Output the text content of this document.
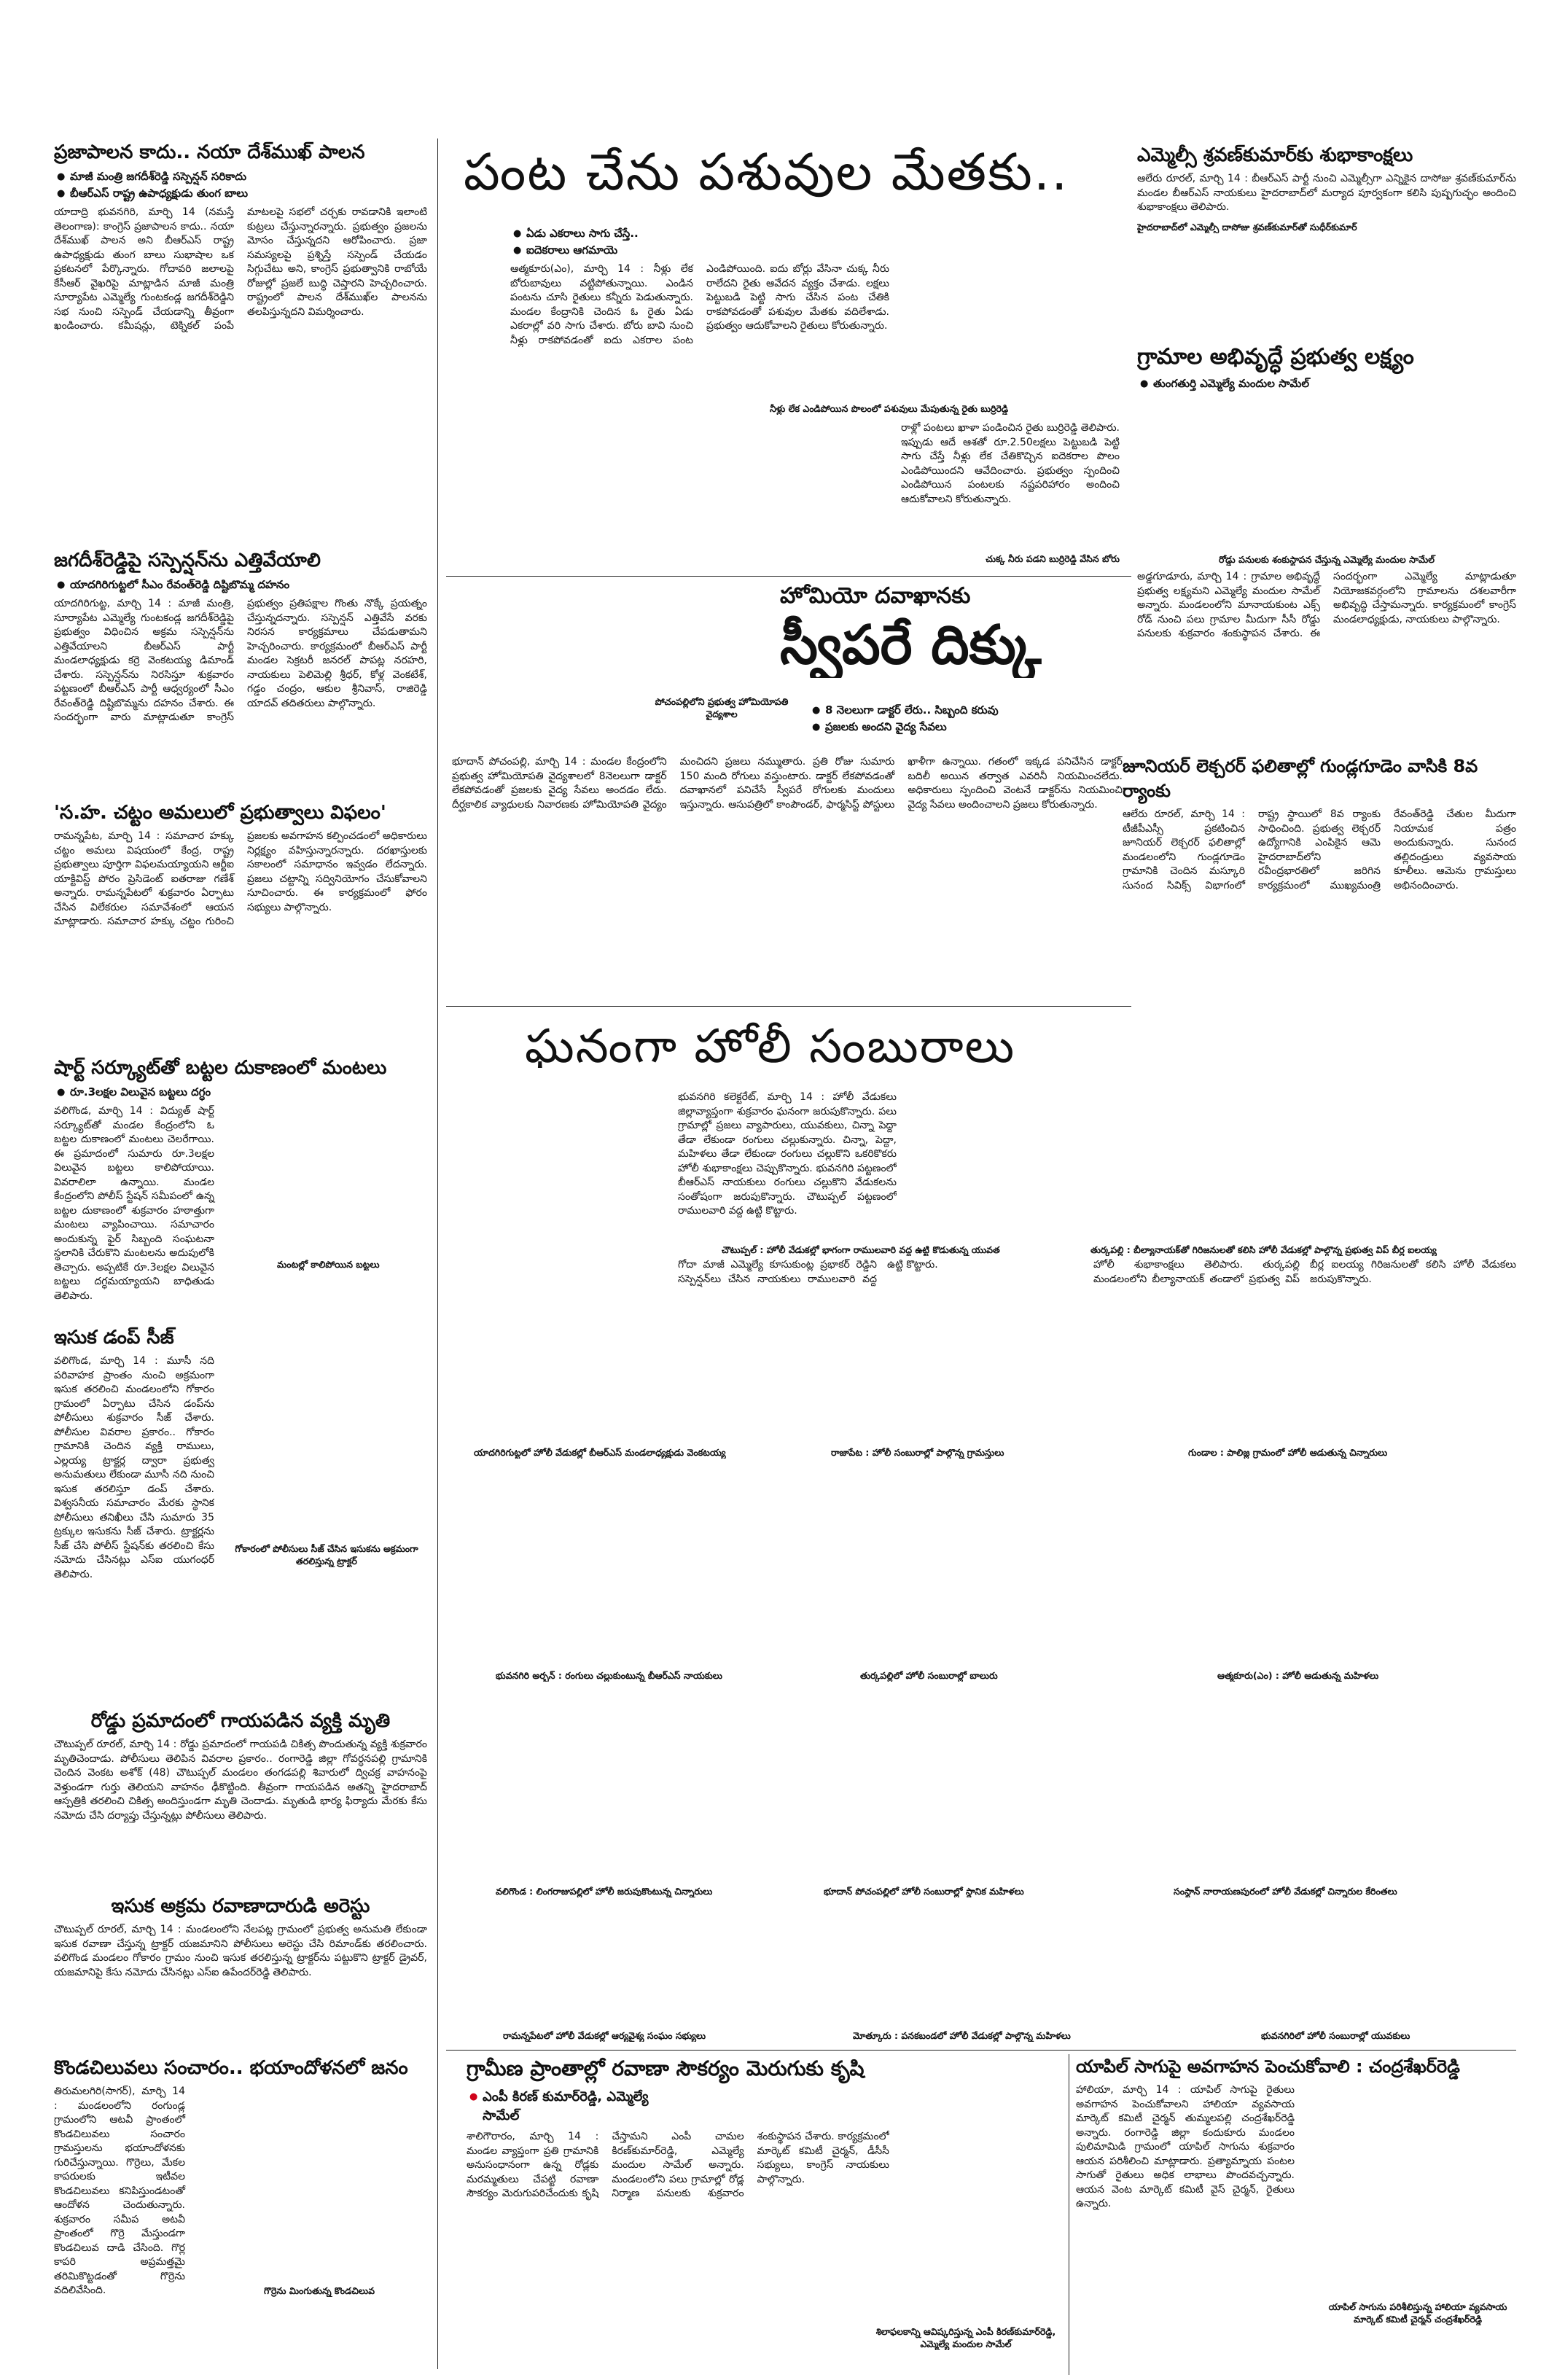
ప్రజాపాలన కాదు.. నయా దేశ్‌ముఖ్ పాలన
● మాజీ మంత్రి జగదీశ్‌రెడ్డి సస్పెన్షన్ సరికాదు
● బీఆర్ఎస్ రాష్ట్ర ఉపాధ్యక్షుడు తుంగ బాలు
యాదాద్రి భువనగిరి, మార్చి 14 (నమస్తే తెలంగాణ): కాంగ్రెస్ ప్రజాపాలన కాదు.. నయా దేశ్‌ముఖ్ పాలన అని బీఆర్ఎస్ రాష్ట్ర ఉపాధ్యక్షుడు తుంగ బాలు సుభాషాల ఒక ప్రకటనలో పేర్కొన్నారు. గోదావరి జలాలపై కేసీఆర్ వైఖరిపై మాట్లాడిన మాజీ మంత్రి సూర్యాపేట ఎమ్మెల్యే గుంటకండ్ల జగదీశ్‌రెడ్డిని సభ నుంచి సస్పెండ్ చేయడాన్ని తీవ్రంగా ఖండించారు. కమీషన్లు, టెక్నికల్ పంపే మాటలపై సభలో చర్చకు రావడానికి ఇలాంటి కుట్రలు చేస్తున్నారన్నారు. ప్రభుత్వం ప్రజలను మోసం చేస్తున్నదని ఆరోపించారు. ప్రజా సమస్యలపై ప్రశ్నిస్తే సస్పెండ్ చేయడం సిగ్గుచేటు అని, కాంగ్రెస్ ప్రభుత్వానికి రాబోయే రోజుల్లో ప్రజలే బుద్ధి చెప్తారని హెచ్చరించారు. రాష్ట్రంలో పాలన దేశ్‌ముఖ్‌ల పాలనను తలపిస్తున్నదని విమర్శించారు.
జగదీశ్‌రెడ్డిపై సస్పెన్షన్‌ను ఎత్తివేయాలి
● యాదగిరిగుట్టలో సీఎం రేవంత్‌రెడ్డి దిష్టిబొమ్మ దహనం
యాదగిరిగుట్ట, మార్చి 14 : మాజీ మంత్రి, సూర్యాపేట ఎమ్మెల్యే గుంటకండ్ల జగదీశ్‌రెడ్డిపై ప్రభుత్వం విధించిన అక్రమ సస్పెన్షన్‌ను ఎత్తివేయాలని బీఆర్ఎస్ పార్టీ మండలాధ్యక్షుడు కర్రె వెంకటయ్య డిమాండ్ చేశారు. సస్పెన్షన్‌ను నిరసిస్తూ శుక్రవారం పట్టణంలో బీఆర్ఎస్ పార్టీ ఆధ్వర్యంలో సీఎం రేవంత్‌రెడ్డి దిష్టిబొమ్మను దహనం చేశారు. ఈ సందర్భంగా వారు మాట్లాడుతూ కాంగ్రెస్ ప్రభుత్వం ప్రతిపక్షాల గొంతు నొక్కే ప్రయత్నం చేస్తున్నదన్నారు. సస్పెన్షన్ ఎత్తివేసే వరకు నిరసన కార్యక్రమాలు చేపడుతామని హెచ్చరించారు. కార్యక్రమంలో బీఆర్ఎస్ పార్టీ మండల సెక్రటరీ జనరల్ పాపట్ల నరహరి, నాయకులు పెలిమెల్లి శ్రీధర్, కోళ్ల వెంకటేశ్, గడ్డం చంద్రం, ఆకుల శ్రీనివాస్, రాజిరెడ్డి యాదవ్ తదితరులు పాల్గొన్నారు.
'స.హ. చట్టం అమలులో ప్రభుత్వాలు విఫలం'
రామన్నపేట, మార్చి 14 : సమాచార హక్కు చట్టం అమలు విషయంలో కేంద్ర, రాష్ట్ర ప్రభుత్వాలు పూర్తిగా విఫలమయ్యాయని ఆర్టీఐ యాక్టివిస్ట్ పోరం ప్రెసిడెంట్ ఐతరాజు గణేశ్ అన్నారు. రామన్నపేటలో శుక్రవారం ఏర్పాటు చేసిన విలేకరుల సమావేశంలో ఆయన మాట్లాడారు. సమాచార హక్కు చట్టం గురించి ప్రజలకు అవగాహన కల్పించడంలో అధికారులు నిర్లక్ష్యం వహిస్తున్నారన్నారు. దరఖాస్తులకు సకాలంలో సమాధానం ఇవ్వడం లేదన్నారు. ప్రజలు చట్టాన్ని సద్వినియోగం చేసుకోవాలని సూచించారు. ఈ కార్యక్రమంలో ఫోరం సభ్యులు పాల్గొన్నారు.
షార్ట్ సర్క్యూట్‌తో బట్టల దుకాణంలో మంటలు
● రూ.3లక్షల విలువైన బట్టలు దగ్ధం
వలిగొండ, మార్చి 14 : విద్యుత్ షార్ట్ సర్క్యూట్‌తో మండల కేంద్రంలోని ఓ బట్టల దుకాణంలో మంటలు చెలరేగాయి. ఈ ప్రమాదంలో సుమారు రూ.3లక్షల విలువైన బట్టలు కాలిపోయాయి. వివరాలిలా ఉన్నాయి. మండల కేంద్రంలోని పోలీస్ స్టేషన్ సమీపంలో ఉన్న బట్టల దుకాణంలో శుక్రవారం హఠాత్తుగా మంటలు వ్యాపించాయి. సమాచారం అందుకున్న ఫైర్ సిబ్బంది సంఘటనా స్థలానికి చేరుకొని మంటలను అదుపులోకి తెచ్చారు. అప్పటికే రూ.3లక్షల విలువైన బట్టలు దగ్ధమయ్యాయని బాధితుడు తెలిపారు.
మంటల్లో కాలిపోయిన బట్టలు
ఇసుక డంప్ సీజ్
వలిగొండ, మార్చి 14 : మూసీ నది పరివాహక ప్రాంతం నుంచి అక్రమంగా ఇసుక తరలించి మండలంలోని గోకారం గ్రామంలో ఏర్పాటు చేసిన డంప్‌ను పోలీసులు శుక్రవారం సీజ్ చేశారు. పోలీసుల వివరాల ప్రకారం.. గోకారం గ్రామానికి చెందిన వ్యక్తి రాములు, ఎల్లయ్య ట్రాక్టర్ల ద్వారా ప్రభుత్వ అనుమతులు లేకుండా మూసీ నది నుంచి ఇసుక తరలిస్తూ డంప్ చేశారు. విశ్వసనీయ సమాచారం మేరకు స్థానిక పోలీసులు తనిఖీలు చేసి సుమారు 35 ట్రక్కుల ఇసుకను సీజ్ చేశారు. ట్రాక్టర్లను సీజ్ చేసి పోలీస్ స్టేషన్‌కు తరలించి కేసు నమోదు చేసినట్లు ఎస్ఐ యుగంధర్ తెలిపారు.
గోకారంలో పోలీసులు సీజ్ చేసిన ఇసుకను అక్రమంగా తరలిస్తున్న ట్రాక్టర్
రోడ్డు ప్రమాదంలో గాయపడిన వ్యక్తి మృతి
చౌటుప్పల్ రూరల్, మార్చి 14 : రోడ్డు ప్రమాదంలో గాయపడి చికిత్స పొందుతున్న వ్యక్తి శుక్రవారం మృతిచెందాడు. పోలీసులు తెలిపిన వివరాల ప్రకారం.. రంగారెడ్డి జిల్లా గోవర్ధనపల్లి గ్రామానికి చెందిన వెంకట అశోక్ (48) చౌటుప్పల్ మండలం తంగడపల్లి శివారులో ద్విచక్ర వాహనంపై వెళ్తుండగా గుర్తు తెలియని వాహనం ఢీకొట్టింది. తీవ్రంగా గాయపడిన అతన్ని హైదరాబాద్ ఆస్పత్రికి తరలించి చికిత్స అందిస్తుండగా మృతి చెందాడు. మృతుడి భార్య ఫిర్యాదు మేరకు కేసు నమోదు చేసి దర్యాప్తు చేస్తున్నట్లు పోలీసులు తెలిపారు.
ఇసుక అక్రమ రవాణాదారుడి అరెస్టు
చౌటుప్పల్ రూరల్, మార్చి 14 : మండలంలోని నేలపట్ల గ్రామంలో ప్రభుత్వ అనుమతి లేకుండా ఇసుక రవాణా చేస్తున్న ట్రాక్టర్ యజమానిని పోలీసులు అరెస్టు చేసి రిమాండ్‌కు తరలించారు. వలిగొండ మండలం గోకారం గ్రామం నుంచి ఇసుక తరలిస్తున్న ట్రాక్టర్‌ను పట్టుకొని ట్రాక్టర్ డ్రైవర్, యజమానిపై కేసు నమోదు చేసినట్లు ఎస్ఐ ఉపేందర్‌రెడ్డి తెలిపారు.
కొండచిలువలు సంచారం.. భయాందోళనలో జనం
తిరుమలగిరి(సాగర్), మార్చి 14 : మండలంలోని రంగుండ్ల గ్రామంలోని ఆటవీ ప్రాంతంలో కొండచిలువలు సంచారం గ్రామస్తులను భయాందోళనకు గురిచేస్తున్నాయి. గొర్రెలు, మేకల కాపరులకు ఇటీవల కొండచిలువలు కనిపిస్తుండటంతో ఆందోళన చెందుతున్నారు. శుక్రవారం సమీప అటవీ ప్రాంతంలో గొర్రె మేస్తుండగా కొండచిలువ దాడి చేసింది. గొర్ల కాపరి అప్రమత్తమై తరిమికొట్టడంతో గొర్రెను వదిలివేసింది.	గొర్రెను మింగుతున్న కొండచిలువ
పంట చేను పశువుల మేతకు..
● ఏడు ఎకరాలు సాగు చేస్తే..
● ఐదెకరాలు ఆగమాయె
ఆత్మకూరు(ఎం), మార్చి 14 : నీళ్లు లేక బోరుబావులు వట్టిపోతున్నాయి. ఎండిన పంటను చూసి రైతులు కన్నీరు పెడుతున్నారు. మండల కేంద్రానికి చెందిన ఓ రైతు ఏడు ఎకరాల్లో వరి సాగు చేశారు. బోరు బావి నుంచి నీళ్లు రాకపోవడంతో ఐదు ఎకరాల పంట ఎండిపోయింది. ఐదు బోర్లు వేసినా చుక్క నీరు రాలేదని రైతు ఆవేదన వ్యక్తం చేశాడు. లక్షలు పెట్టుబడి పెట్టి సాగు చేసిన పంట చేతికి రాకపోవడంతో పశువుల మేతకు వదిలేశాడు. ప్రభుత్వం ఆదుకోవాలని రైతులు కోరుతున్నారు.
నీళ్లు లేక ఎండిపోయిన పొలంలో పశువులు మేపుతున్న రైతు బుర్రిరెడ్డి
రాళ్లో పంటలు ఖాళా పండించిన రైతు బుర్రిరెడ్డి తెలిపారు. ఇప్పుడు ఆదే ఆశతో రూ.2.50లక్షలు పెట్టుబడి పెట్టి సాగు చేస్తే నీళ్లు లేక చేతికొచ్చిన ఐదెకరాల పొలం ఎండిపోయిందని ఆవేదించారు. ప్రభుత్వం స్పందించి ఎండిపోయిన పంటలకు నష్టపరిహారం అందించి ఆదుకోవాలని కోరుతున్నారు.
చుక్క నీరు పడని బుర్రిరెడ్డి వేసిన బోరు
హోమియో దవాఖానకు
స్వీపరే దిక్కు
పోచంపల్లిలోని ప్రభుత్వ హోమియోపతి వైద్యశాల
●	8 నెలలుగా డాక్టర్ లేరు.. సిబ్బంది కరువు
● ప్రజలకు అందని వైద్య సేవలు
భూదాన్ పోచంపల్లి, మార్చి 14 : మండల కేంద్రంలోని ప్రభుత్వ హోమియోపతి వైద్యశాలలో 8నెలలుగా డాక్టర్ లేకపోవడంతో ప్రజలకు వైద్య సేవలు అందడం లేదు. దీర్ఘకాలిక వ్యాధులకు నివారణకు హోమియోపతి వైద్యం మంచిదని ప్రజలు నమ్ముతారు. ప్రతి రోజు సుమారు 150 మంది రోగులు వస్తుంటారు. డాక్టర్ లేకపోవడంతో దవాఖానలో పనిచేసే స్వీపరే రోగులకు మందులు ఇస్తున్నారు. ఆసుపత్రిలో కాంపౌండర్, ఫార్మసిస్ట్ పోస్టులు ఖాళీగా ఉన్నాయి. గతంలో ఇక్కడ పనిచేసిన డాక్టర్ బదిలీ అయిన తర్వాత ఎవరినీ నియమించలేదు. అధికారులు స్పందించి వెంటనే డాక్టర్‌ను నియమించి వైద్య సేవలు అందించాలని ప్రజలు కోరుతున్నారు.
ఘనంగా హోలీ సంబురాలు
భువనగిరి కలెక్టరేట్, మార్చి 14 : హోలీ వేడుకలు జిల్లావ్యాప్తంగా శుక్రవారం ఘనంగా జరుపుకొన్నారు. పలు గ్రామాల్లో ప్రజలు వ్యాపారులు, యువకులు, చిన్నా పెద్దా తేడా లేకుండా రంగులు చల్లుకున్నారు. చిన్నా, పెద్దా, మహిళలు తేడా లేకుండా రంగులు చల్లుకొని ఒకరికొకరు హోలీ శుభాకాంక్షలు చెప్పుకొన్నారు. భువనగిరి పట్టణంలో బీఆర్ఎస్ నాయకులు రంగులు చల్లుకొని వేడుకలను సంతోషంగా జరుపుకొన్నారు. చౌటుప్పల్ పట్టణంలో రాములవారి వద్ద ఉట్టి కొట్టారు.
చౌటుప్పల్ : హోలీ వేడుకల్లో భాగంగా రాములవారి వద్ద ఉట్టి కొడుతున్న యువత
గోదా మాజీ ఎమ్మెల్యే కూసుకుంట్ల ప్రభాకర్ రెడ్డిని సస్పెన్షన్‌లు చేసిన నాయకులు రాములవారి వద్ద ఉట్టి కొట్టారు.
ఎమ్మెల్సీ శ్రవణ్‌కుమార్‌కు శుభాకాంక్షలు
ఆలేరు రూరల్, మార్చి 14 : బీఆర్ఎస్ పార్టీ నుంచి ఎమ్మెల్సీగా ఎన్నికైన దాసోజు శ్రవణ్‌కుమార్‌ను మండల బీఆర్ఎస్ నాయకులు హైదరాబాద్‌లో మర్యాద పూర్వకంగా కలిసి పుష్పగుచ్ఛం అందించి శుభాకాంక్షలు తెలిపారు.
హైదరాబాద్‌లో ఎమ్మెల్సీ దాసోజు శ్రవణ్‌కుమార్‌తో సుధీర్‌కుమార్
గ్రామాల అభివృద్ధే ప్రభుత్వ లక్ష్యం
● తుంగతుర్తి ఎమ్మెల్యే మందుల సామేల్
రోడ్డు పనులకు శంకుస్థాపన చేస్తున్న ఎమ్మెల్యే మందుల సామేల్
అడ్డగూడూరు, మార్చి 14 : గ్రామాల అభివృద్ధే ప్రభుత్వ లక్ష్యమని ఎమ్మెల్యే మందుల సామేల్ అన్నారు. మండలంలోని మానాయకుంట ఎక్స్ రోడ్ నుంచి పలు గ్రామాల మీదుగా సీసీ రోడ్డు పనులకు శుక్రవారం శంకుస్థాపన చేశారు. ఈ సందర్భంగా ఎమ్మెల్యే మాట్లాడుతూ నియోజకవర్గంలోని గ్రామాలను దశలవారీగా అభివృద్ధి చేస్తామన్నారు. కార్యక్రమంలో కాంగ్రెస్ మండలాధ్యక్షుడు, నాయకులు పాల్గొన్నారు.
జూనియర్ లెక్చరర్ ఫలితాల్లో గుండ్లగూడెం వాసికి 8వ ర్యాంకు
ఆలేరు రూరల్, మార్చి 14 : టీజీపీఎస్సీ ప్రకటించిన జూనియర్ లెక్చరర్ ఫలితాల్లో మండలంలోని గుండ్లగూడెం గ్రామానికి చెందిన మస్కూరి సునంద సివిక్స్ విభాగంలో రాష్ట్ర స్థాయిలో 8వ ర్యాంకు సాధించింది. ప్రభుత్వ లెక్చరర్ ఉద్యోగానికి ఎంపికైన ఆమె హైదరాబాద్‌లోని రవీంద్రభారతిలో జరిగిన కార్యక్రమంలో ముఖ్యమంత్రి రేవంత్‌రెడ్డి చేతుల మీదుగా నియామక పత్రం అందుకున్నారు. సునంద తల్లిదండ్రులు వ్యవసాయ కూలీలు. ఆమెను గ్రామస్తులు అభినందించారు.
తుర్కపల్లి : బీల్యానాయక్‌తో గిరిజనులతో కలిసి హోలీ వేడుకల్లో పాల్గొన్న ప్రభుత్వ విప్ బీర్ల ఐలయ్య
హోలీ శుభాకాంక్షలు తెలిపారు. తుర్కపల్లి మండలంలోని బీల్యానాయక్ తండాలో ప్రభుత్వ విప్ బీర్ల ఐలయ్య గిరిజనులతో కలిసి హోలీ వేడుకలు జరుపుకొన్నారు.
యాదగిరిగుట్టలో హోలీ వేడుకల్లో బీఆర్ఎస్ మండలాధ్యక్షుడు వెంకటయ్య	రాజాపేట : హోలీ సంబురాల్లో పాల్గొన్న గ్రామస్తులు	గుండాల : పాలిజ్ల గ్రామంలో హోలీ ఆడుతున్న చిన్నారులు
భువనగిరి అర్బన్ : రంగులు చల్లుకుంటున్న బీఆర్ఎస్ నాయకులు	తుర్కపల్లిలో హోలీ సంబురాల్లో బాలురు	ఆత్మకూరు(ఎం) : హోలీ ఆడుతున్న మహిళలు
వలిగొండ : లింగరాజుపల్లిలో హోలీ జరుపుకొంటున్న చిన్నారులు	భూదాన్ పోచంపల్లిలో హోలీ సంబురాల్లో స్థానిక మహిళలు	సంస్థాన్ నారాయణపురంలో హోలీ వేడుకల్లో చిన్నారుల కేరింతలు
రామన్నపేటలో హోలీ వేడుకల్లో ఆర్యవైశ్య సంఘం సభ్యులు	మోత్కూరు : పనకబండలో హోలీ వేడుకల్లో పాల్గొన్న మహిళలు	భువనగిరిలో హోలీ సంబురాల్లో యువకులు
గ్రామీణ ప్రాంతాల్లో రవాణా సౌకర్యం మెరుగుకు కృషి
● ఎంపీ కిరణ్ కుమార్‌రెడ్డి, ఎమ్మెల్యే సామేల్
శాలిగౌరారం, మార్చి 14 : మండల వ్యాప్తంగా ప్రతి గ్రామానికి అనుసంధానంగా ఉన్న రోడ్లకు మరమ్మతులు చేపట్టి రవాణా సౌకర్యం మెరుగుపరిచేందుకు కృషి చేస్తామని ఎంపీ చామల కిరణ్‌కుమార్‌రెడ్డి, ఎమ్మెల్యే మందుల సామేల్ అన్నారు. మండలంలోని పలు గ్రామాల్లో రోడ్ల నిర్మాణ పనులకు శుక్రవారం శంకుస్థాపన చేశారు. కార్యక్రమంలో మార్కెట్ కమిటీ చైర్మన్, డీసీసీ సభ్యులు, కాంగ్రెస్ నాయకులు పాల్గొన్నారు.
శిలాఫలకాన్ని ఆవిష్కరిస్తున్న ఎంపీ కిరణ్‌కుమార్‌రెడ్డి, ఎమ్మెల్యే మందుల సామేల్
యాపిల్ సాగుపై అవగాహన పెంచుకోవాలి : చంద్రశేఖర్‌రెడ్డి
హాలియా, మార్చి 14 : యాపిల్ సాగుపై రైతులు అవగాహన పెంచుకోవాలని హాలియా వ్యవసాయ మార్కెట్ కమిటీ చైర్మన్ తుమ్మలపల్లి చంద్రశేఖర్‌రెడ్డి అన్నారు. రంగారెడ్డి జిల్లా కందుకూరు మండలం పులిమామిడి గ్రామంలో యాపిల్ సాగును శుక్రవారం ఆయన పరిశీలించి మాట్లాడారు. ప్రత్యామ్నాయ పంటల సాగుతో రైతులు అధిక లాభాలు పొందవచ్చన్నారు. ఆయన వెంట మార్కెట్ కమిటీ వైస్ చైర్మన్, రైతులు ఉన్నారు.
యాపిల్ సాగును పరిశీలిస్తున్న హాలియా వ్యవసాయ మార్కెట్ కమిటీ చైర్మన్ చంద్రశేఖర్‌రెడ్డి
